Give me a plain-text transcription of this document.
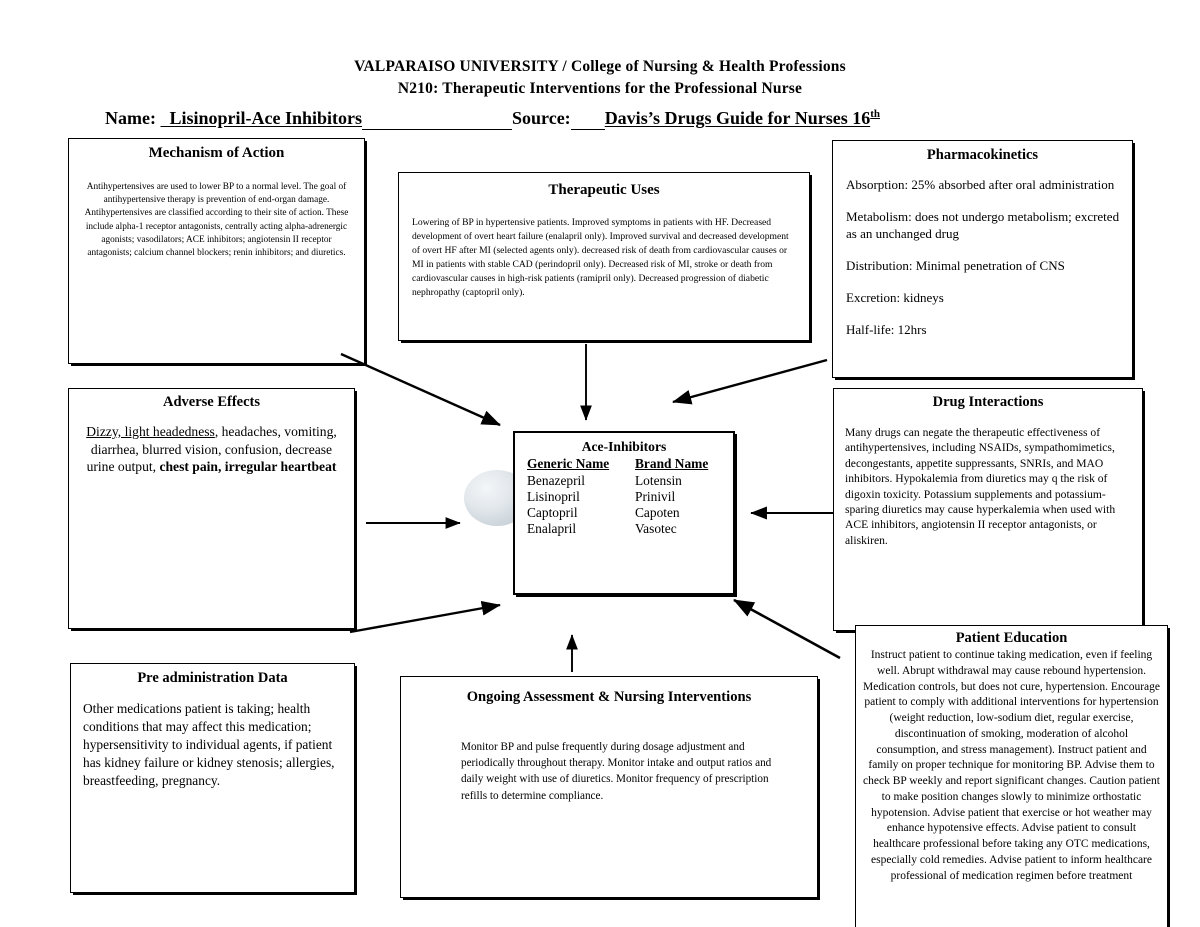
VALPARAISO UNIVERSITY / College of Nursing & Health Professions
N210: Therapeutic Interventions for the Professional Nurse
Name: Lisinopril-Ace Inhibitors	Source: Davis’s Drugs Guide for Nurses 16th
Mechanism of Action
Antihypertensives are used to lower BP to a normal level. The goal of antihypertensive therapy is prevention of end-organ damage. Antihypertensives are classified according to their site of action. These include alpha-1 receptor antagonists, centrally acting alpha-adrenergic agonists; vasodilators; ACE inhibitors; angiotensin II receptor antagonists; calcium channel blockers; renin inhibitors; and diuretics.
Therapeutic Uses
Lowering of BP in hypertensive patients. Improved symptoms in patients with HF. Decreased development of overt heart failure (enalapril only). Improved survival and decreased development of overt HF after MI (selected agents only). decreased risk of death from cardiovascular causes or MI in patients with stable CAD (perindopril only). Decreased risk of MI, stroke or death from cardiovascular causes in high-risk patients (ramipril only). Decreased progression of diabetic nephropathy (captopril only).
Pharmacokinetics

Absorption: 25% absorbed after oral administration

Metabolism: does not undergo metabolism; excreted as an unchanged drug

Distribution: Minimal penetration of CNS

Excretion: kidneys

Half-life: 12hrs

Adverse Effects
Dizzy, light headedness, headaches, vomiting, diarrhea, blurred vision, confusion, decrease urine output, chest pain, irregular heartbeat
Ace-Inhibitors
Generic Name	Brand Name
Benazepril	Lotensin
Lisinopril	Prinivil
Captopril	Capoten
Enalapril	Vasotec
Drug Interactions
Many drugs can negate the therapeutic effectiveness of antihypertensives, including NSAIDs, sympathomimetics, decongestants, appetite suppressants, SNRIs, and MAO inhibitors. Hypokalemia from diuretics may q the risk of digoxin toxicity. Potassium supplements and potassium- sparing diuretics may cause hyperkalemia when used with ACE inhibitors, angiotensin II receptor antagonists, or aliskiren.
Pre administration Data
Other medications patient is taking; health conditions that may affect this medication; hypersensitivity to individual agents, if patient has kidney failure or kidney stenosis; allergies, breastfeeding, pregnancy.
Ongoing Assessment & Nursing Interventions
Monitor BP and pulse frequently during dosage adjustment and periodically throughout therapy. Monitor intake and output ratios and daily weight with use of diuretics. Monitor frequency of prescription refills to determine compliance.
Patient Education
Instruct patient to continue taking medication, even if feeling well. Abrupt withdrawal may cause rebound hypertension. Medication controls, but does not cure, hypertension. Encourage patient to comply with additional interventions for hypertension (weight reduction, low-sodium diet, regular exercise, discontinuation of smoking, moderation of alcohol consumption, and stress management). Instruct patient and family on proper technique for monitoring BP. Advise them to check BP weekly and report significant changes. Caution patient to make position changes slowly to minimize orthostatic hypotension. Advise patient that exercise or hot weather may enhance hypotensive effects. Advise patient to consult healthcare professional before taking any OTC medications, especially cold remedies. Advise patient to inform healthcare professional of medication regimen before treatment
